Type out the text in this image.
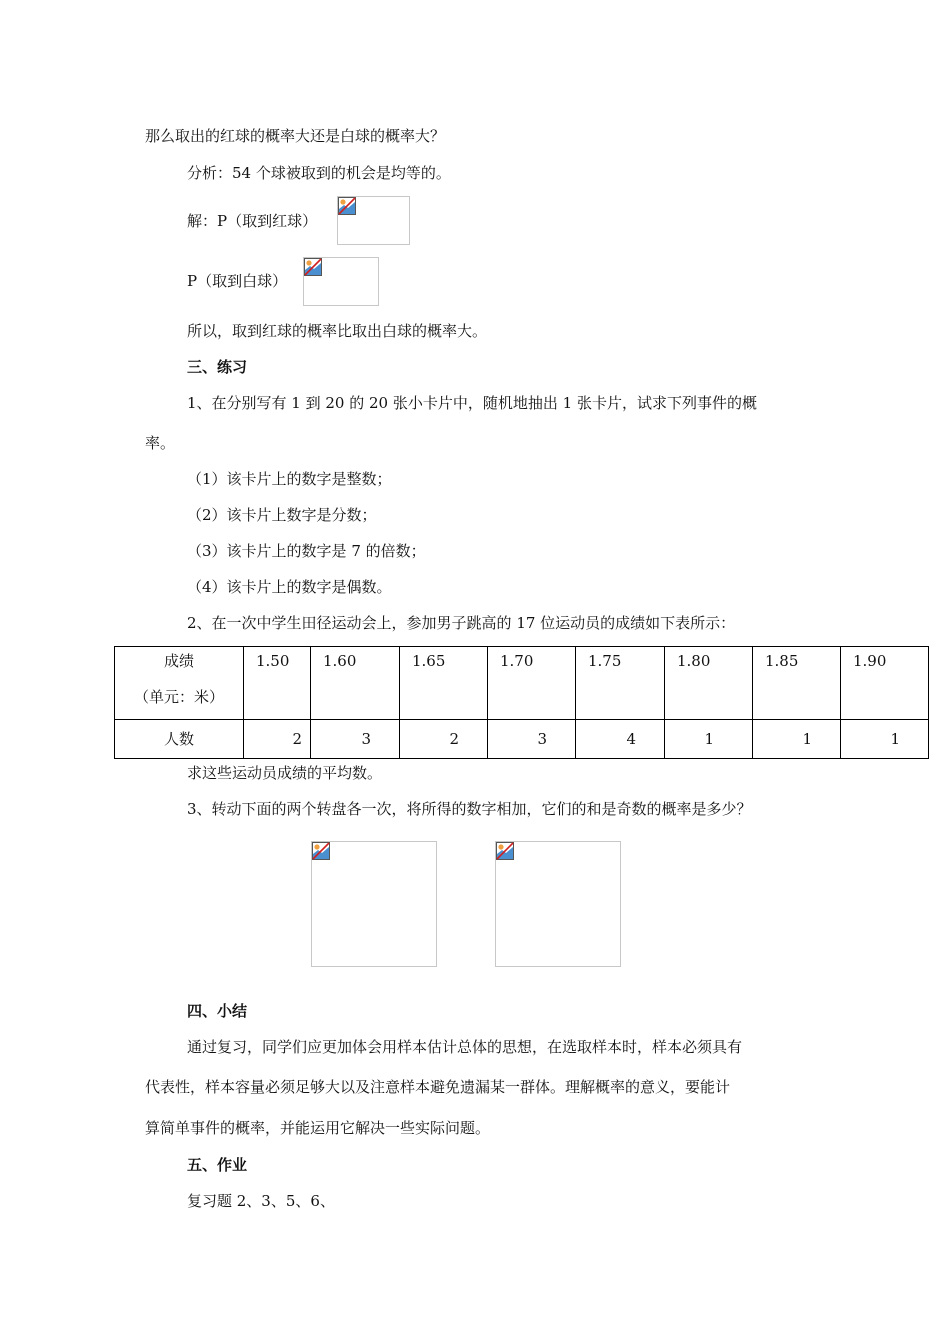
那么取出的红球的概率大还是白球的概率大？
分析：54 个球被取到的机会是均等的。
解：P（取到红球）
P（取到白球）
所以，取到红球的概率比取出白球的概率大。
三、练习
1、在分别写有 1 到 20 的 20 张小卡片中，随机地抽出 1 张卡片，试求下列事件的概
率。
（1）该卡片上的数字是整数；
（2）该卡片上数字是分数；
（3）该卡片上的数字是 7 的倍数；
（4）该卡片上的数字是偶数。
2、在一次中学生田径运动会上，参加男子跳高的 17 位运动员的成绩如下表所示：
成绩
（单元：米）	1.50	1.60	1.65	1.70	1.75	1.80	1.85	1.90
人数	2	3	2	3	4	1	1	1
求这些运动员成绩的平均数。
3、转动下面的两个转盘各一次，将所得的数字相加，它们的和是奇数的概率是多少？
四、小结
通过复习，同学们应更加体会用样本估计总体的思想，在选取样本时，样本必须具有
代表性，样本容量必须足够大以及注意样本避免遗漏某一群体。理解概率的意义，要能计
算简单事件的概率，并能运用它解决一些实际问题。
五、作业
复习题 2、3、5、6、
